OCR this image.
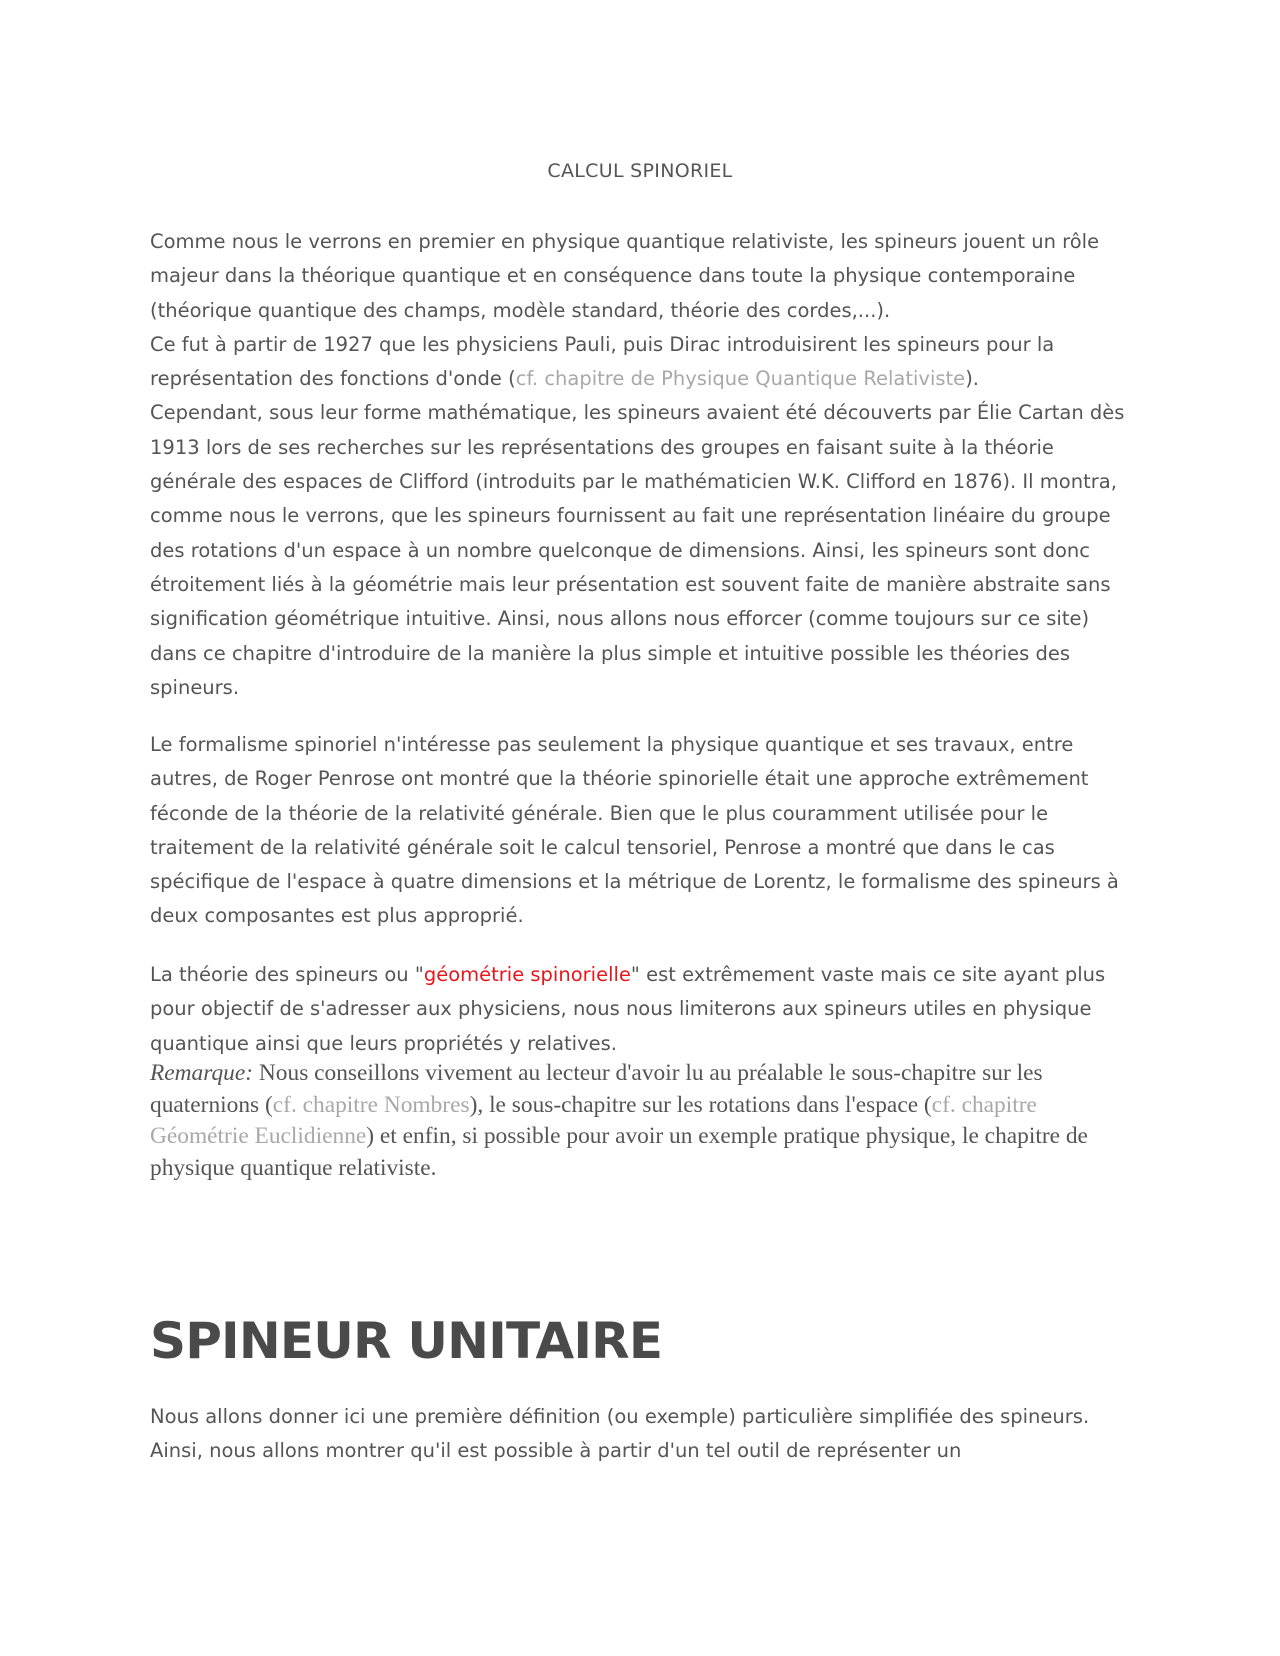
CALCUL SPINORIEL

Comme nous le verrons en premier en physique quantique relativiste, les spineurs jouent un rôle majeur dans la théorique quantique et en conséquence dans toute la physique contemporaine (théorique quantique des champs, modèle standard, théorie des cordes,...).
Ce fut à partir de 1927 que les physiciens Pauli, puis Dirac introduisirent les spineurs pour la représentation des fonctions d'onde (cf. chapitre de Physique Quantique Relativiste).
Cependant, sous leur forme mathématique, les spineurs avaient été découverts par Élie Cartan dès 1913 lors de ses recherches sur les représentations des groupes en faisant suite à la théorie générale des espaces de Clifford (introduits par le mathématicien W.K. Clifford en 1876). Il montra, comme nous le verrons, que les spineurs fournissent au fait une représentation linéaire du groupe des rotations d'un espace à un nombre quelconque de dimensions. Ainsi, les spineurs sont donc étroitement liés à la géométrie mais leur présentation est souvent faite de manière abstraite sans signification géométrique intuitive. Ainsi, nous allons nous efforcer (comme toujours sur ce site) dans ce chapitre d'introduire de la manière la plus simple et intuitive possible les théories des spineurs.

Le formalisme spinoriel n'intéresse pas seulement la physique quantique et ses travaux, entre autres, de Roger Penrose ont montré que la théorie spinorielle était une approche extrêmement féconde de la théorie de la relativité générale. Bien que le plus couramment utilisée pour le traitement de la relativité générale soit le calcul tensoriel, Penrose a montré que dans le cas spécifique de l'espace à quatre dimensions et la métrique de Lorentz, le formalisme des spineurs à deux composantes est plus approprié.

La théorie des spineurs ou "géométrie spinorielle" est extrêmement vaste mais ce site ayant plus pour objectif de s'adresser aux physiciens, nous nous limiterons aux spineurs utiles en physique quantique ainsi que leurs propriétés y relatives.

Remarque: Nous conseillons vivement au lecteur d'avoir lu au préalable le sous-chapitre sur les quaternions (cf. chapitre Nombres), le sous-chapitre sur les rotations dans l'espace (cf. chapitre Géométrie Euclidienne) et enfin, si possible pour avoir un exemple pratique physique, le chapitre de physique quantique relativiste.

SPINEUR UNITAIRE

Nous allons donner ici une première définition (ou exemple) particulière simplifiée des spineurs. Ainsi, nous allons montrer qu'il est possible à partir d'un tel outil de représenter un
